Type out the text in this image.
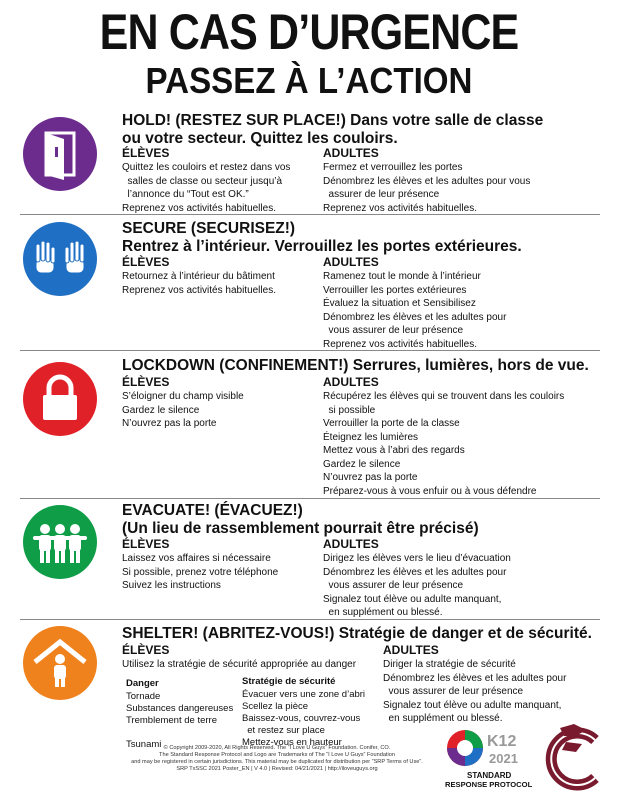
EN CAS D’URGENCE
PASSEZ À L’ACTION
HOLD! (RESTEZ SUR PLACE!) Dans votre salle de classe
ou votre secteur. Quittez les couloirs.
ÉLÈVES
Quittez les couloirs et restez dans vos
salles de classe ou secteur jusqu’à
l’annonce du “Tout est OK.”
Reprenez vos activités habituelles.
ADULTES
Fermez et verrouillez les portes
Dénombrez les élèves et les adultes pour vous
assurer de leur présence
Reprenez vos activités habituelles.
SECURE (SECURISEZ!)
Rentrez à l’intérieur. Verrouillez les portes extérieures.
ÉLÈVES
Retournez à l’intérieur du bâtiment
Reprenez vos activités habituelles.
ADULTES
Ramenez tout le monde à l’intérieur
Verrouiller les portes extérieures
Évaluez la situation et Sensibilisez
Dénombrez les élèves et les adultes pour
vous assurer de leur présence
Reprenez vos activités habituelles.
LOCKDOWN (CONFINEMENT!) Serrures, lumières, hors de vue.
ÉLÈVES
S’éloigner du champ visible
Gardez le silence
N’ouvrez pas la porte
ADULTES
Récupérez les élèves qui se trouvent dans les couloirs
si possible
Verrouiller la porte de la classe
Éteignez les lumières
Mettez vous à l’abri des regards
Gardez le silence
N’ouvrez pas la porte
Préparez-vous à vous enfuir ou à vous défendre
EVACUATE! (ÉVACUEZ!)
(Un lieu de rassemblement pourrait être précisé)
ÉLÈVES
Laissez vos affaires si nécessaire
Si possible, prenez votre téléphone
Suivez les instructions
ADULTES
Dirigez les élèves vers le lieu d’évacuation
Dénombrez les élèves et les adultes pour
vous assurer de leur présence
Signalez tout élève ou adulte manquant,
en supplément ou blessé.
SHELTER! (ABRITEZ-VOUS!) Stratégie de danger et de sécurité.
ÉLÈVES
Utilisez la stratégie de sécurité appropriée au danger
Danger
Tornade
Substances dangereuses
Tremblement de terre
Tsunami
Stratégie de sécurité
Évacuer vers une zone d’abri
Scellez la pièce
Baissez-vous, couvrez-vous
et restez sur place
Mettez-vous en hauteur
ADULTES
Diriger la stratégie de sécurité
Dénombrez les élèves et les adultes pour
vous assurer de leur présence
Signalez tout élève ou adulte manquant,
en supplément ou blessé.
© Copyright 2009-2020, All Rights Reserved. The “I Love U Guys” Foundation. Conifer, CO.
The Standard Response Protocol and Logo are Trademarks of The “I Love U Guys” Foundation
and may be registered in certain jurisdictions. This material may be duplicated for distribution per “SRP Terms of Use”.
SRP TxSSC 2021 Poster_EN | V 4.0 | Revised: 04/21/2021 | http://iloveuguys.org
K12
2021
STANDARD
RESPONSE PROTOCOL
